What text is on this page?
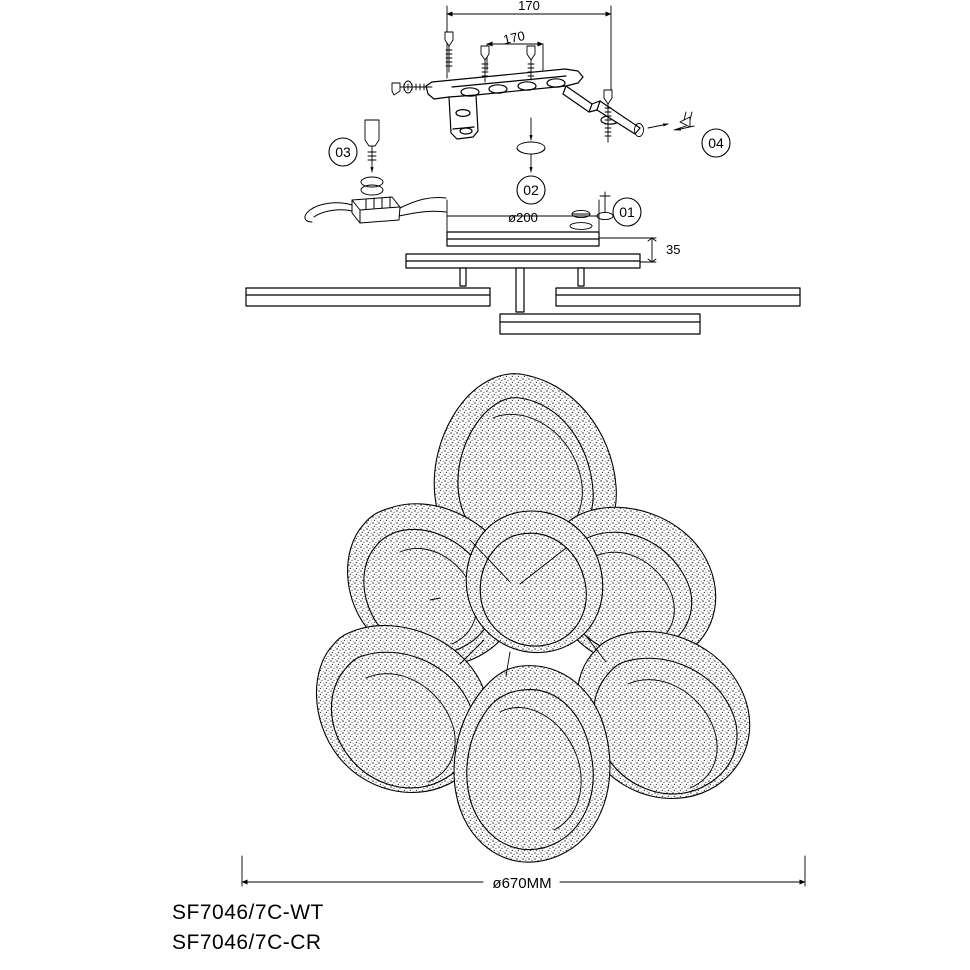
170
170
ø200
35
ø670MM
01
02
03
04
SF7046/7C-WT
SF7046/7C-CR
